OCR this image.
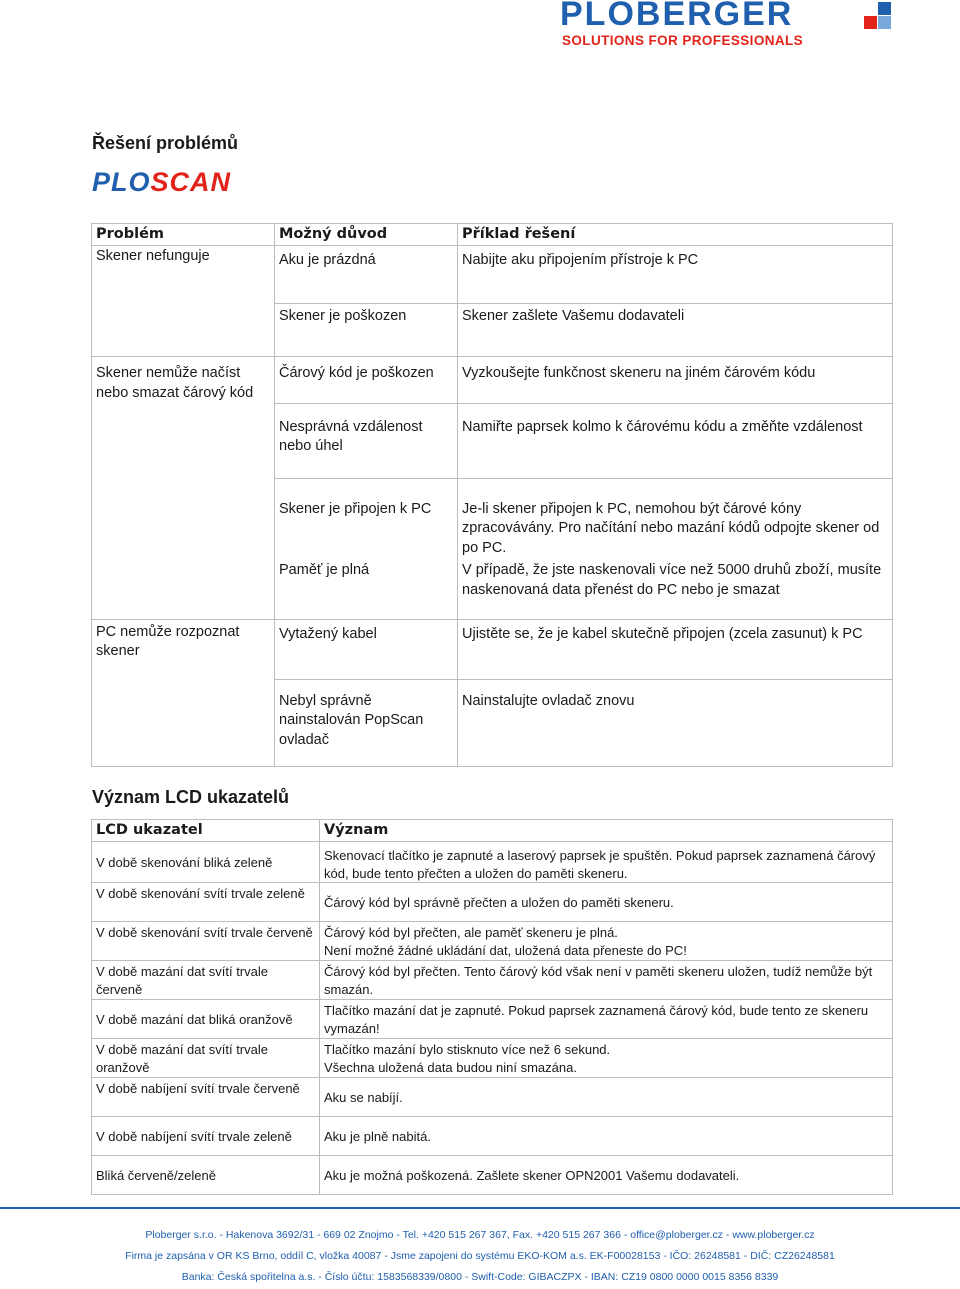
PLOBERGER
SOLUTIONS FOR PROFESSIONALS
Řešení problémů
PLOSCAN
Problém	Možný důvod	Příklad řešení
Skener nefunguje	Aku je prázdná	Nabijte aku připojením přístroje k PC
	Skener je poškozen	Skener zašlete Vašemu dodavateli
Skener nemůže načíst nebo smazat čárový kód	Čárový kód je poškozen	Vyzkoušejte funkčnost skeneru na jiném čárovém kódu
	Nesprávná vzdálenost nebo úhel	Namiřte paprsek kolmo k čárovému kódu a změňte vzdálenost
	Skener je připojen k PC	Je-li skener připojen k PC, nemohou být čárové kóny zpracovávány. Pro načítání nebo mazání kódů odpojte skener od po PC.
	Paměť je plná	V případě, že jste naskenovali více než 5000 druhů zboží, musíte naskenovaná data přenést do PC nebo je smazat
PC nemůže rozpoznat skener	Vytažený kabel	Ujistěte se, že je kabel skutečně připojen (zcela zasunut) k PC
	Nebyl správně nainstalován PopScan ovladač	Nainstalujte ovladač znovu
Význam LCD ukazatelů
LCD ukazatel	Význam
V době skenování bliká zeleně	Skenovací tlačítko je zapnuté a laserový paprsek je spuštěn. Pokud paprsek zaznamená čárový kód, bude tento přečten a uložen do paměti skeneru.
V době skenování svítí trvale zeleně	Čárový kód byl správně přečten a uložen do paměti skeneru.
V době skenování svítí trvale červeně	Čárový kód byl přečten, ale paměť skeneru je plná.
Není možné žádné ukládání dat, uložená data přeneste do PC!
V době mazání dat svítí trvale červeně	Čárový kód byl přečten. Tento čárový kód však není v paměti skeneru uložen, tudíž nemůže být smazán.
V době mazání dat bliká oranžově	Tlačítko mazání dat je zapnuté. Pokud paprsek zaznamená čárový kód, bude tento ze skeneru vymazán!
V době mazání dat svítí trvale oranžově	Tlačítko mazání bylo stisknuto více než 6 sekund.
Všechna uložená data budou niní smazána.
V době nabíjení svítí trvale červeně	Aku se nabíjí.
V době nabíjení svítí trvale zeleně	Aku je plně nabitá.
Bliká červeně/zeleně	Aku je možná poškozená. Zašlete skener OPN2001 Vašemu dodavateli.
Ploberger s.r.o. - Hakenova 3692/31 - 669 02 Znojmo - Tel. +420 515 267 367, Fax. +420 515 267 366 - office@ploberger.cz - www.ploberger.cz
Firma je zapsána v OR KS Brno, oddíl C, vložka 40087 - Jsme zapojeni do systému EKO-KOM a.s. EK-F00028153 - IČO: 26248581 - DIČ: CZ26248581
Banka: Česká spořitelna a.s. - Číslo účtu: 1583568339/0800 - Swift-Code: GIBACZPX - IBAN: CZ19 0800 0000 0015 8356 8339
